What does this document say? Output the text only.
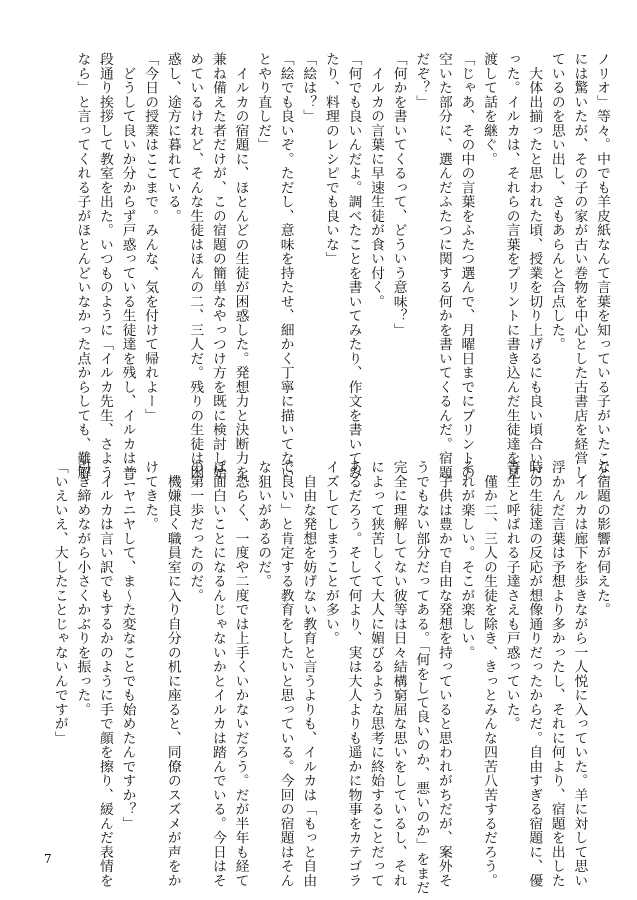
ノリオ」等々。中でも羊皮紙なんて言葉を知っている子がいたこと
には驚いたが、その子の家が古い巻物を中心とした古書店を経営し
ているのを思い出し、さもあらんと合点した。
　大体出揃ったと思われた頃、授業を切り上げるにも良い頃合いだ
った。イルカは、それらの言葉をプリントに書き込んだ生徒達を見
渡して話を継ぐ。
「じゃあ、その中の言葉をふたつ選んで、月曜日までにプリントの
空いた部分に、選んだふたつに関する何かを書いてくるんだ。宿題
だぞ？」
「何かを書いてくるって、どういう意味？」
　イルカの言葉に早速生徒が食い付く。
「何でも良いんだよ。調べたことを書いてみたり、作文を書いてみ
たり、料理のレシピでも良いな」
「絵は？」
「絵でも良いぞ。ただし、意味を持たせ、細かく丁寧に描いてない
とやり直しだ」
　イルカの宿題に、ほとんどの生徒が困惑した。発想力と決断力を
兼ね備えた者だけが、この宿題の簡単なやっつけ方を既に検討し始
めているけれど、そんな生徒はほんの二、三人だ。残りの生徒は困
惑し、途方に暮れている。
「今日の授業はここまで。みんな、気を付けて帰れよー」
　どうして良いか分からず戸惑っている生徒達を残し、イルカは普
段通り挨拶して教室を出た。いつものように「イルカ先生、さよう
なら」と言ってくれる子がほとんどいなかった点からしても、難解
な宿題の影響が伺えた。
　イルカは廊下を歩きながら一人悦に入っていた。羊に対して思い
浮かんだ言葉は予想より多かったし、それに何より、宿題を出した
時の生徒達の反応が想像通りだったからだ。自由すぎる宿題に、優
等生と呼ばれる子達さえも戸惑っていた。
　僅か二、三人の生徒を除き、きっとみんな四苦八苦するだろう。
それが楽しい。そこが楽しい。
　子供は豊かで自由な発想を持っていると思われがちだが、案外そ
うでもない部分だってある。「何をして良いのか、悪いのか」をまだ
完全に理解してない彼等は日々結構窮屈な思いをしているし、それ
によって狭苦しくて大人に媚びるような思考に終始することだって
あるだろう。そして何より、実は大人よりも遥かに物事をカテゴラ
イズしてしまうことが多い。
　自由な発想を妨げない教育と言うよりも、イルカは「もっと自由
で良い」と肯定する教育をしたいと思っている。今回の宿題はそん
な狙いがあるのだ。
　恐らく、一度や二度では上手くいかないだろう。だが半年も経て
ば面白いことになるんじゃないかとイルカは踏んでいる。今日はそ
の第一歩だったのだ。
　機嫌良く職員室に入り自分の机に座ると、同僚のスズメが声をか
けてきた。
「ニヤニヤして、ま〜た変なことでも始めたんですか？」
　イルカは言い訳でもするかのように手で顔を擦り、緩んだ表情を
引き締めながら小さくかぶりを振った。
「いえいえ、大したことじゃないんですが」
7
